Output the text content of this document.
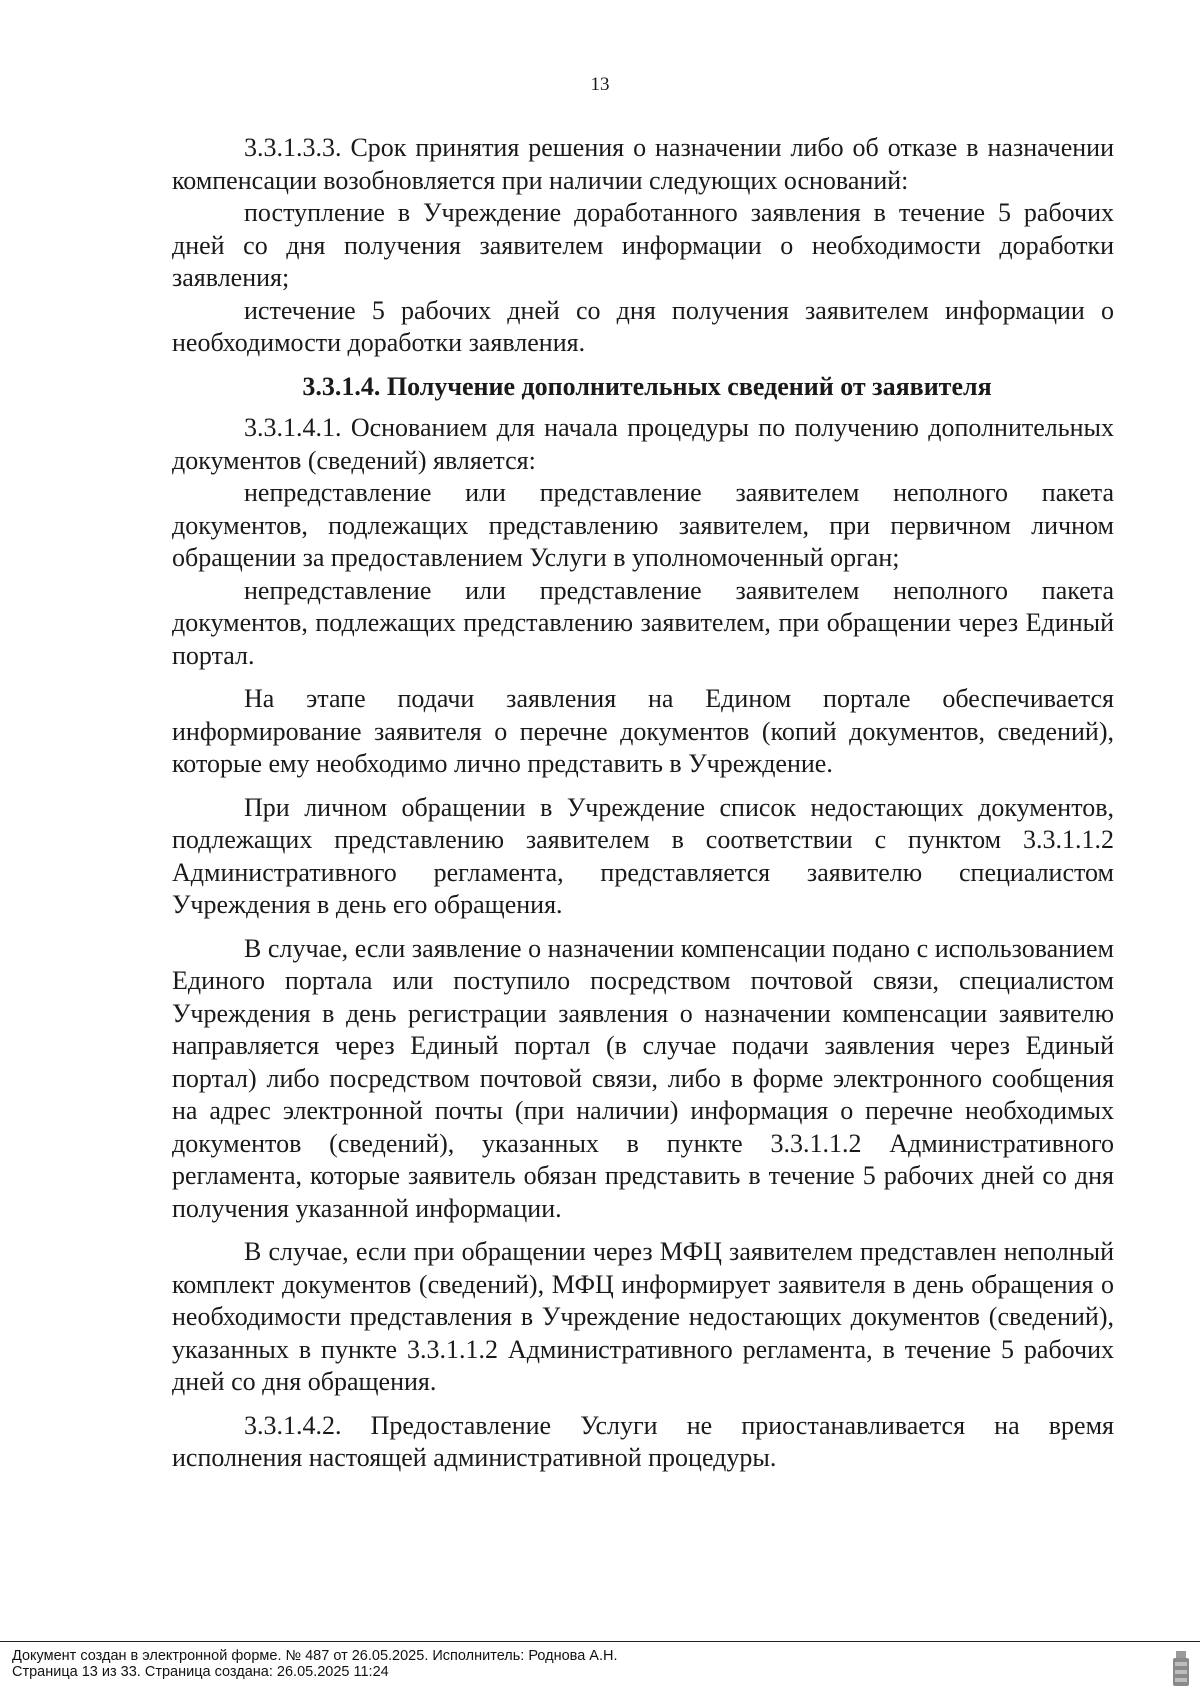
13

3.3.1.3.3. Срок принятия решения о назначении либо об отказе в назначении компенсации возобновляется при наличии следующих оснований:

поступление в Учреждение доработанного заявления в течение 5 рабочих дней со дня получения заявителем информации о необходимости доработки заявления;

истечение 5 рабочих дней со дня получения заявителем информации о необходимости доработки заявления.

3.3.1.4. Получение дополнительных сведений от заявителя

3.3.1.4.1. Основанием для начала процедуры по получению дополнительных документов (сведений) является:

непредставление или представление заявителем неполного пакета документов, подлежащих представлению заявителем, при первичном личном обращении за предоставлением Услуги в уполномоченный орган;

непредставление или представление заявителем неполного пакета документов, подлежащих представлению заявителем, при обращении через Единый портал.

На этапе подачи заявления на Едином портале обеспечивается информирование заявителя о перечне документов (копий документов, сведений), которые ему необходимо лично представить в Учреждение.

При личном обращении в Учреждение список недостающих документов, подлежащих представлению заявителем в соответствии с пунктом 3.3.1.1.2 Административного регламента, представляется заявителю специалистом Учреждения в день его обращения.

В случае, если заявление о назначении компенсации подано с использованием Единого портала или поступило посредством почтовой связи, специалистом Учреждения в день регистрации заявления о назначении компенсации заявителю направляется через Единый портал (в случае подачи заявления через Единый портал) либо посредством почтовой связи, либо в форме электронного сообщения на адрес электронной почты (при наличии) информация о перечне необходимых документов (сведений), указанных в пункте 3.3.1.1.2 Административного регламента, которые заявитель обязан представить в течение 5 рабочих дней со дня получения указанной информации.

В случае, если при обращении через МФЦ заявителем представлен неполный комплект документов (сведений), МФЦ информирует заявителя в день обращения о необходимости представления в Учреждение недостающих документов (сведений), указанных в пункте 3.3.1.1.2 Административного регламента, в течение 5 рабочих дней со дня обращения.

3.3.1.4.2. Предоставление Услуги не приостанавливается на время исполнения настоящей административной процедуры.

Документ создан в электронной форме. № 487 от 26.05.2025. Исполнитель: Роднова А.Н.
Страница 13 из 33. Страница создана: 26.05.2025 11:24
